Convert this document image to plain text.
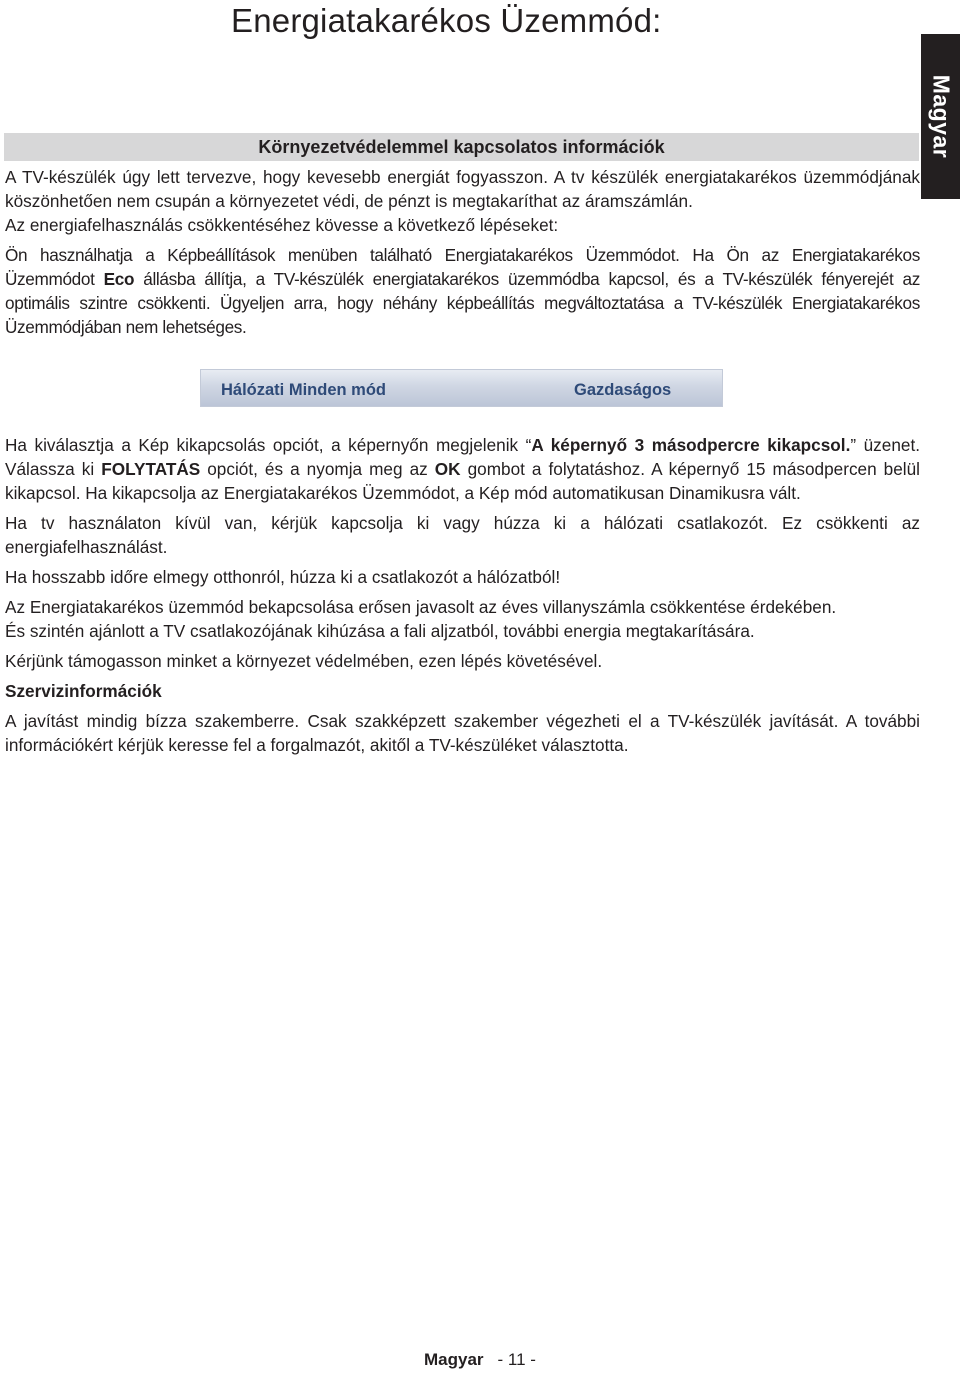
Energiatakarékos Üzemmód:
Magyar
Környezetvédelemmel kapcsolatos információk

A TV-készülék úgy lett tervezve, hogy kevesebb energiát fogyasszon. A tv készülék energiatakarékos üzemmódjának köszönhetően nem csupán a környezetet védi, de pénzt is megtakaríthat az áramszámlán.

Az energiafelhasználás csökkentéséhez kövesse a következő lépéseket:

Ön használhatja a Képbeállítások menüben található Energiatakarékos Üzemmódot. Ha Ön az Energiatakarékos Üzemmódot Eco állásba állítja, a TV-készülék energiatakarékos üzemmódba kapcsol, és a TV-készülék fényerejét az optimális szintre csökkenti. Ügyeljen arra, hogy néhány képbeállítás megváltoztatása a TV-készülék Energiatakarékos Üzemmódjában nem lehetséges.

Hálózati Minden mód	Gazdaságos

Ha kiválasztja a Kép kikapcsolás opciót, a képernyőn megjelenik “A képernyő 3 másodpercre kikapcsol.” üzenet. Válassza ki FOLYTATÁS opciót, és a nyomja meg az OK gombot a folytatáshoz. A képernyő 15 másodpercen belül kikapcsol. Ha kikapcsolja az Energiatakarékos Üzemmódot, a Kép mód automatikusan Dinamikusra vált.

Ha tv használaton kívül van, kérjük kapcsolja ki vagy húzza ki a hálózati csatlakozót. Ez csökkenti az energiafelhasználást.

Ha hosszabb időre elmegy otthonról, húzza ki a csatlakozót a hálózatból!

Az Energiatakarékos üzemmód bekapcsolása erősen javasolt az éves villanyszámla csökkentése érdekében.

És szintén ajánlott a TV csatlakozójának kihúzása a fali aljzatból, további energia megtakarítására.

Kérjünk támogasson minket a környezet védelmében, ezen lépés követésével.

Szervizinformációk

A javítást mindig bízza szakemberre. Csak szakképzett szakember végezheti el a TV-készülék javítását. A további információkért kérjük keresse fel a forgalmazót, akitől a TV-készüléket választotta.

Magyar - 11 -
